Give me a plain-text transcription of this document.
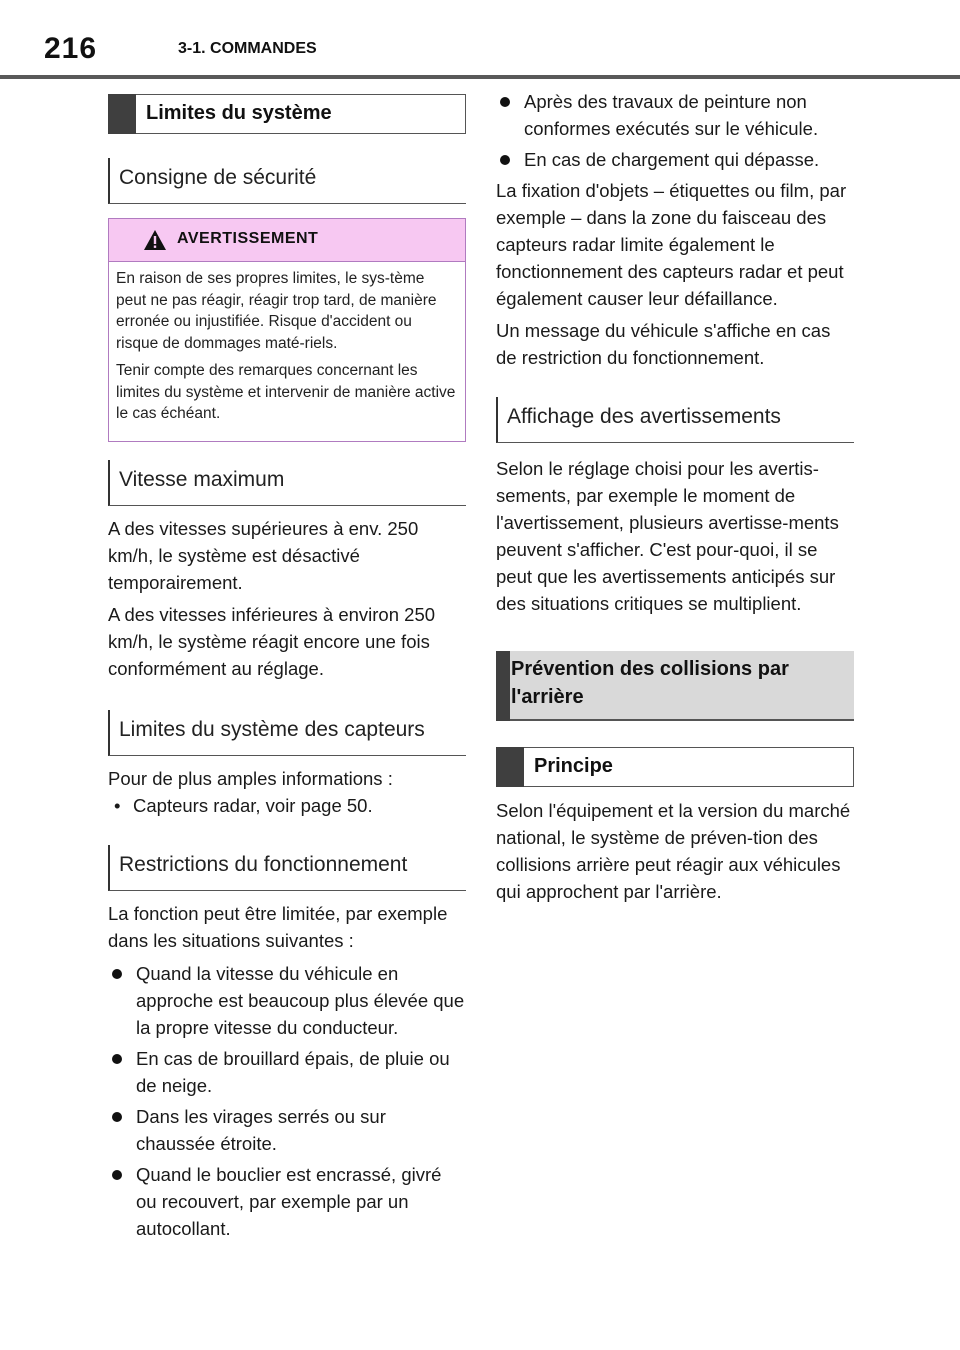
216	3-1. COMMANDES
Limites du système
Consigne de sécurité
AVERTISSEMENT

En raison de ses propres limites, le sys-tème peut ne pas réagir, réagir trop tard, de manière erronée ou injustifiée. Risque d'accident ou risque de dommages maté-riels.

Tenir compte des remarques concernant les limites du système et intervenir de manière active le cas échéant.

Vitesse maximum

A des vitesses supérieures à env. 250 km/h, le système est désactivé temporairement.

A des vitesses inférieures à environ 250 km/h, le système réagit encore une fois conformément au réglage.

Limites du système des capteurs

Pour de plus amples informations :

• Capteurs radar, voir page 50.
Restrictions du fonctionnement

La fonction peut être limitée, par exemple dans les situations suivantes :

Quand la vitesse du véhicule en approche est beaucoup plus élevée que la propre vitesse du conducteur.
En cas de brouillard épais, de pluie ou de neige.
Dans les virages serrés ou sur chaussée étroite.
Quand le bouclier est encrassé, givré ou recouvert, par exemple par un autocollant.
Après des travaux de peinture non conformes exécutés sur le véhicule.
En cas de chargement qui dépasse.

La fixation d'objets – étiquettes ou film, par exemple – dans la zone du faisceau des capteurs radar limite également le fonctionnement des capteurs radar et peut également causer leur défaillance.

Un message du véhicule s'affiche en cas de restriction du fonctionnement.

Affichage des avertissements

Selon le réglage choisi pour les avertis-sements, par exemple le moment de l'avertissement, plusieurs avertisse-ments peuvent s'afficher. C'est pour-quoi, il se peut que les avertissements anticipés sur des situations critiques se multiplient.

Prévention des collisions par l'arrière
Principe

Selon l'équipement et la version du marché national, le système de préven-tion des collisions arrière peut réagir aux véhicules qui approchent par l'arrière.
